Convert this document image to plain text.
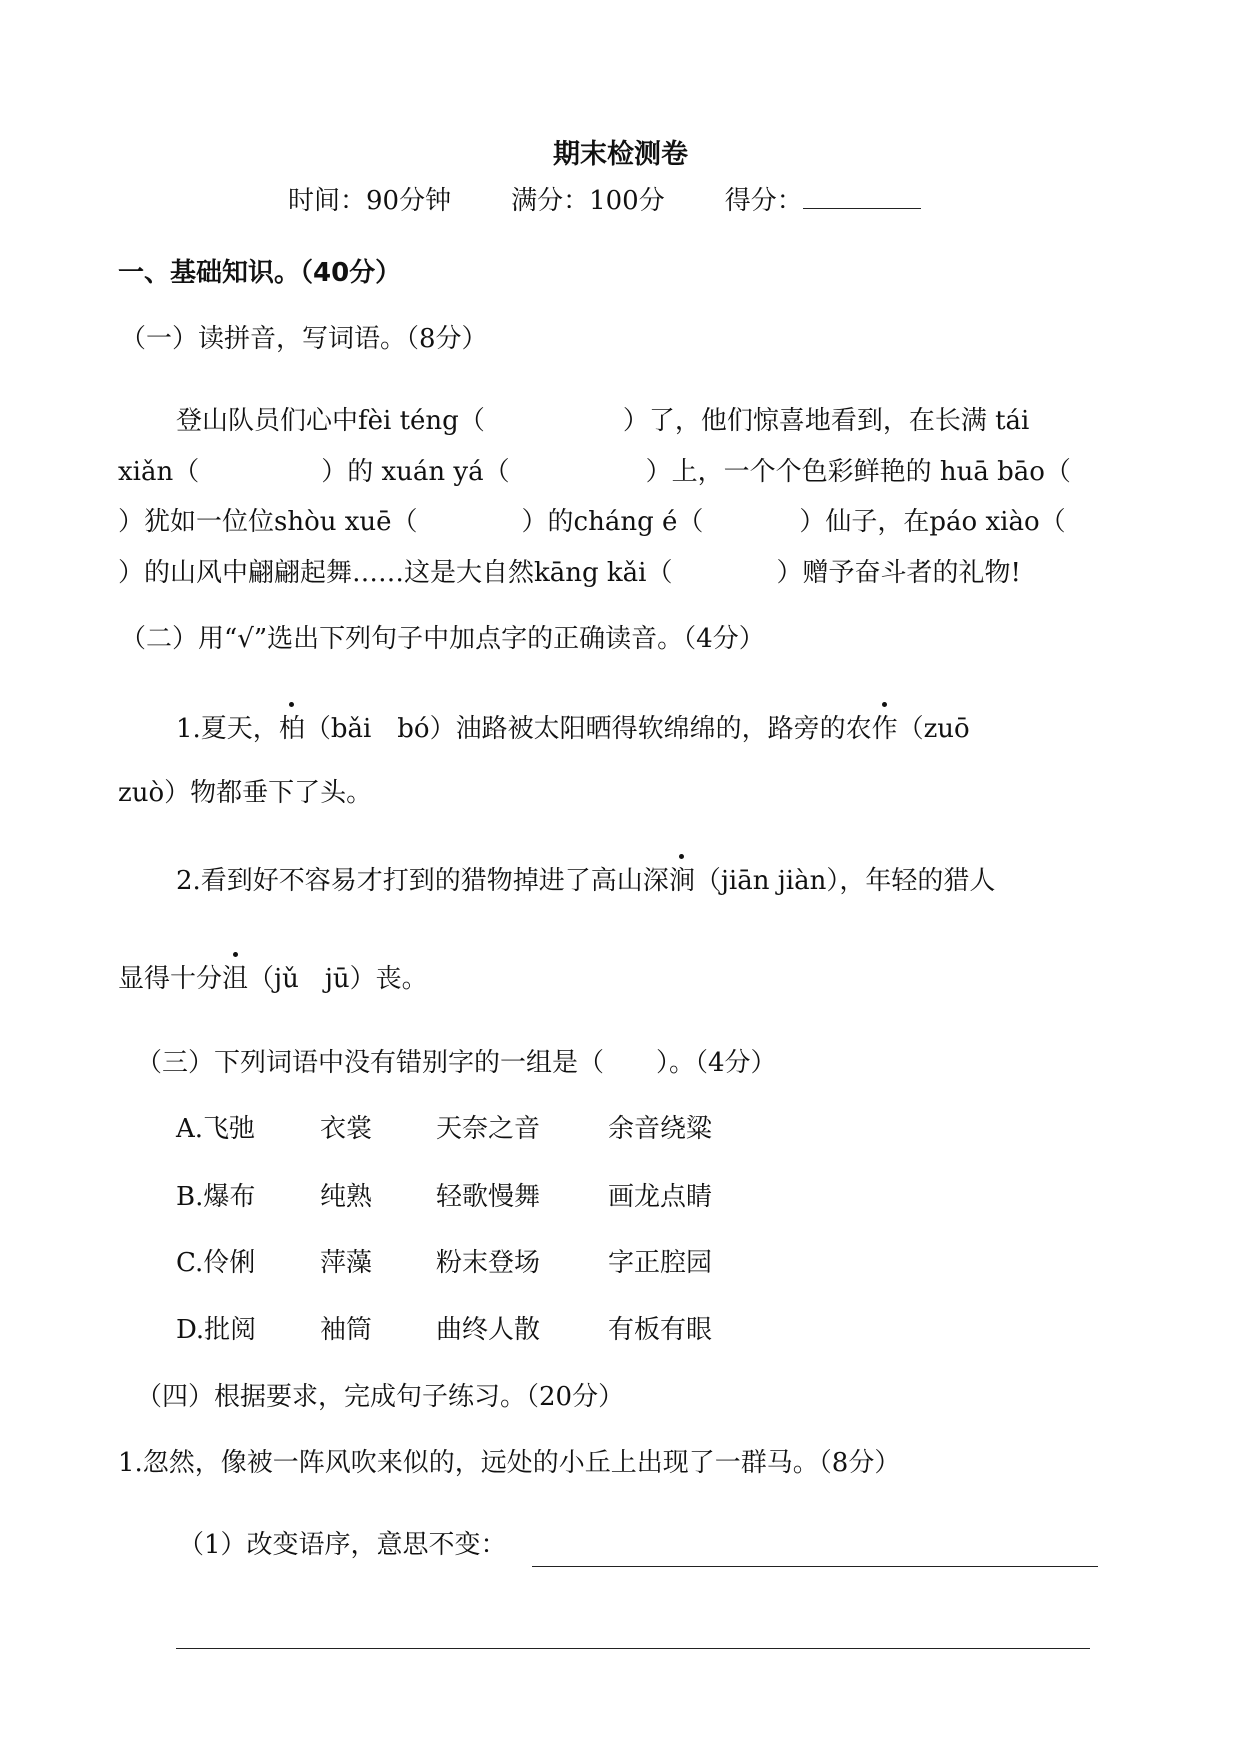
期末检测卷
时间：90分钟 满分：100分 得分：
一、基础知识。（40分）
（一）读拼音，写词语。（8分）
登山队员们心中fèi téng（	）了，他们惊喜地看到，在长满 tái
xiǎn（	）的 xuán yá（	）上，一个个色彩鲜艳的 huā bāo（
）犹如一位位shòu xuē（	）的cháng é（	）仙子，在páo xiào（
）的山风中翩翩起舞……这是大自然kāng kǎi（	）赠予奋斗者的礼物!
（二）用“√”选出下列句子中加点字的正确读音。（4分）
1.夏天，柏（bǎi　bó）油路被太阳晒得软绵绵的，路旁的农作（zuō
zuò）物都垂下了头。
2.看到好不容易才打到的猎物掉进了高山深涧（jiān jiàn），年轻的猎人
显得十分沮（jǔ　jū）丧。
（三）下列词语中没有错别字的一组是（　　）。（4分）
A.飞弛 衣裳 天奈之音	余音绕粱
B.爆布 纯熟 轻歌慢舞	画龙点睛
C.伶俐 萍藻 粉末登场	字正腔园
D.批阅 袖筒 曲终人散	有板有眼
（四）根据要求，完成句子练习。（20分）
1.忽然，像被一阵风吹来似的，远处的小丘上出现了一群马。（8分）
（1）改变语序，意思不变：
